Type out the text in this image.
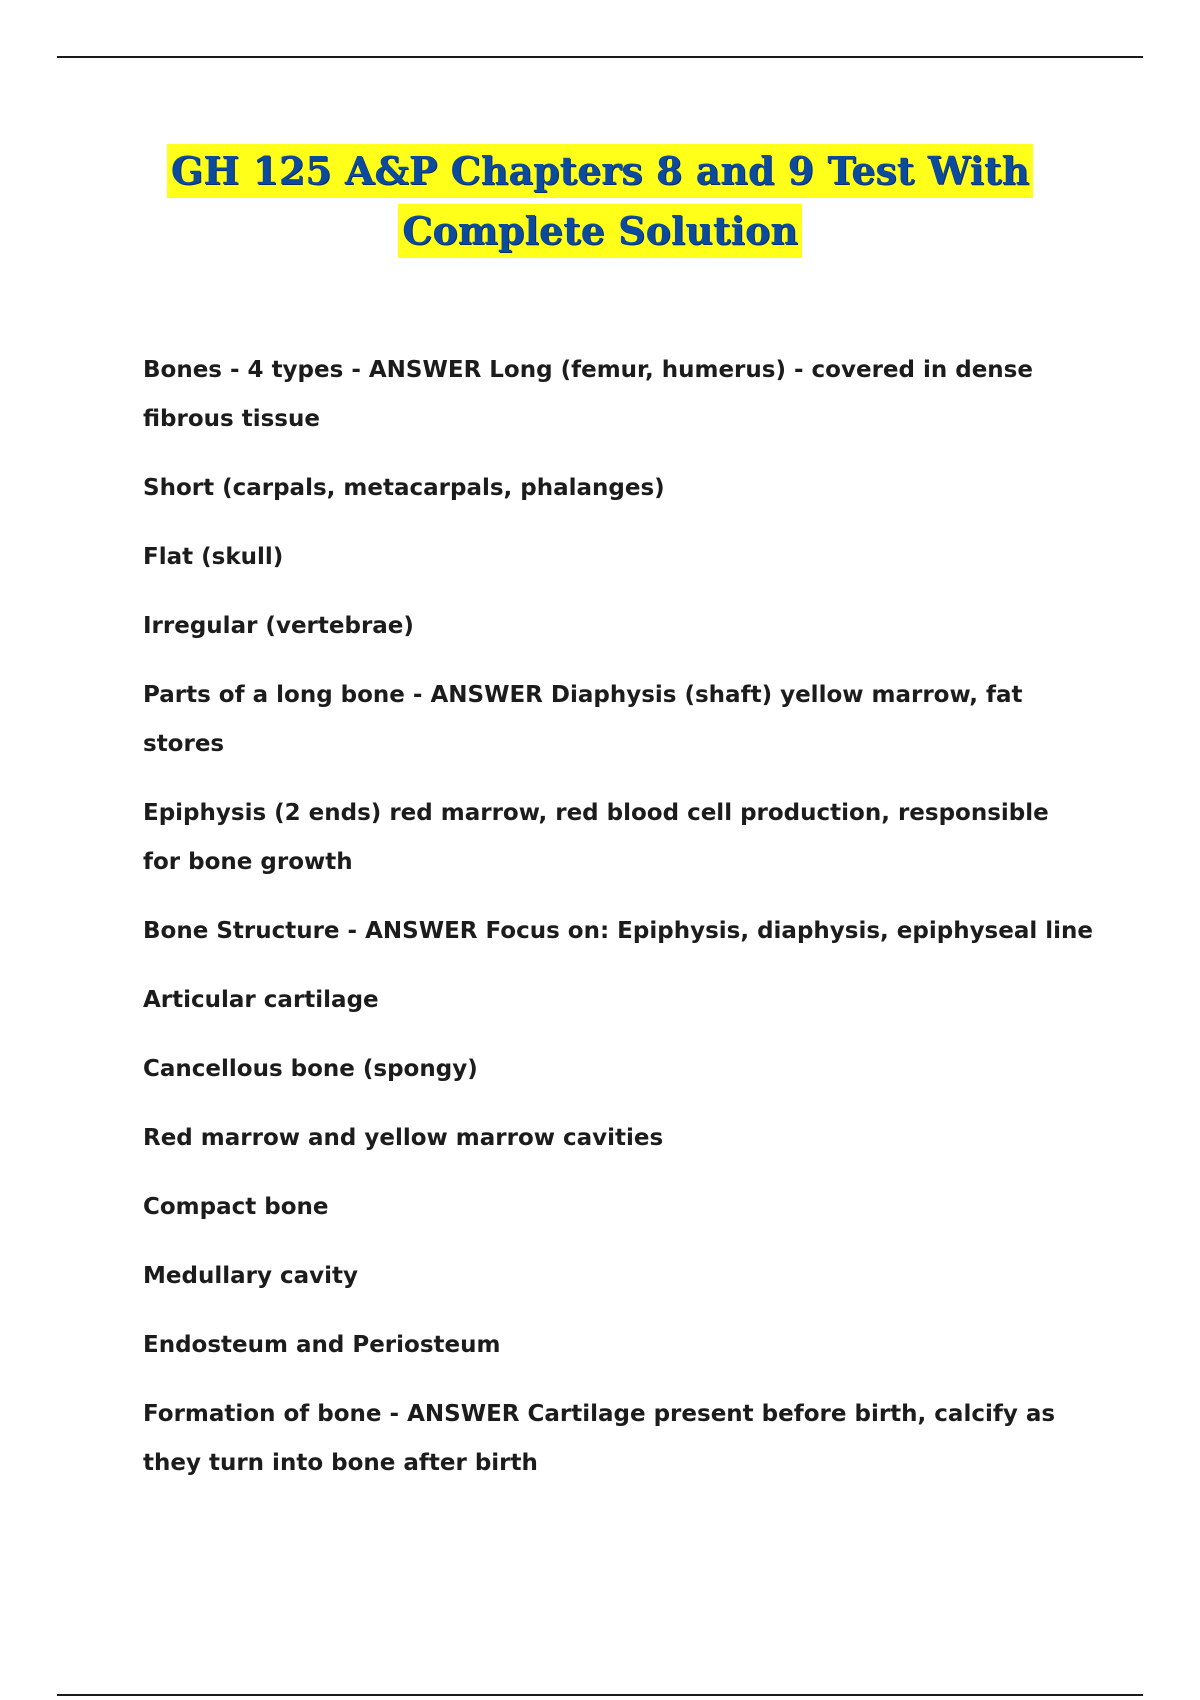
GH 125 A&P Chapters 8 and 9 Test With
Complete Solution

Bones - 4 types - ANSWER Long (femur, humerus) - covered in dense fibrous tissue

Short (carpals, metacarpals, phalanges)

Flat (skull)

Irregular (vertebrae)

Parts of a long bone - ANSWER Diaphysis (shaft) yellow marrow, fat stores

Epiphysis (2 ends) red marrow, red blood cell production, responsible for bone growth

Bone Structure - ANSWER Focus on: Epiphysis, diaphysis, epiphyseal line

Articular cartilage

Cancellous bone (spongy)

Red marrow and yellow marrow cavities

Compact bone

Medullary cavity

Endosteum and Periosteum

Formation of bone - ANSWER Cartilage present before birth, calcify as they turn into bone after birth
